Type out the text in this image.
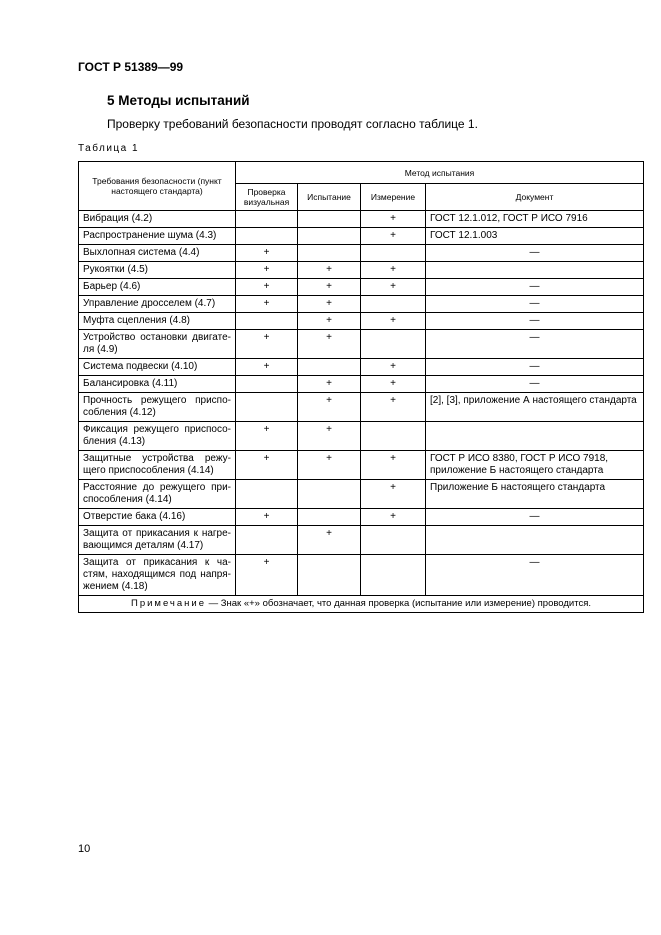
ГОСТ Р 51389—99
5 Методы испытаний
Проверку требований безопасности проводят согласно таблице 1.
Таблица 1
Требования безопасности (пункт настоящего стандарта)	Метод испытания			
	Проверка визуальная	Испытание	Измерение	Документ
Вибрация (4.2)			+	ГОСТ 12.1.012, ГОСТ Р ИСО 7916
Распространение шума (4.3)			+	ГОСТ 12.1.003
Выхлопная система (4.4)	+			—
Рукоятки (4.5)	+	+	+	
Барьер (4.6)	+	+	+	—
Управление дросселем (4.7)	+	+		—
Муфта сцепления (4.8)		+	+	—
Устройство остановки двигате-ля (4.9)	+	+		—
Система подвески (4.10)	+		+	—
Балансировка (4.11)		+	+	—
Прочность режущего приспо-собления (4.12)		+	+	[2], [3], приложение А настоящего стандарта
Фиксация режущего приспосо-бления (4.13)	+	+		
Защитные устройства режу-щего приспособления (4.14)	+	+	+	ГОСТ Р ИСО 8380, ГОСТ Р ИСО 7918, приложение Б настоящего стандарта
Расстояние до режущего при-способления (4.14)			+	Приложение Б настоящего стандарта
Отверстие бака (4.16)	+		+	—
Защита от прикасания к нагре-вающимся деталям (4.17)		+		
Защита от прикасания к ча-стям, находящимся под напря-жением (4.18)	+			—
Примечание — Знак «+» обозначает, что данная проверка (испытание или измерение) проводится.				
10
